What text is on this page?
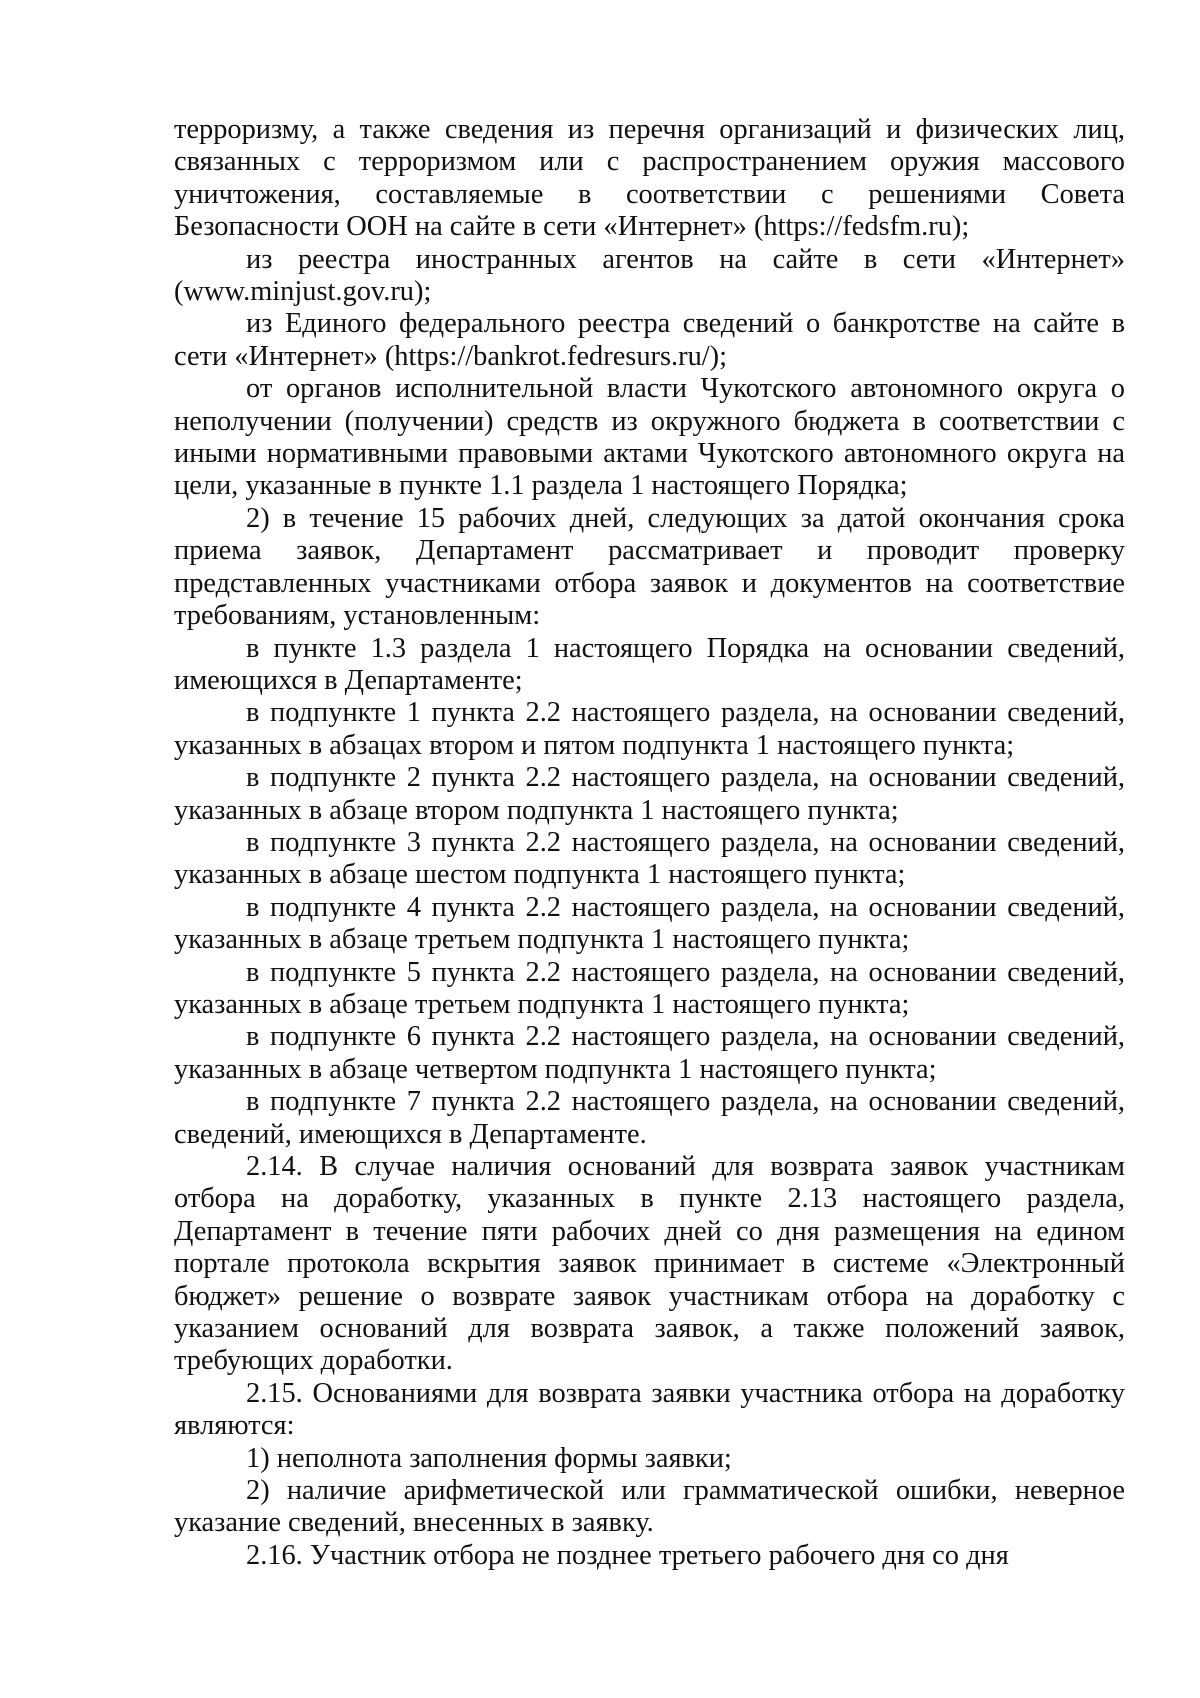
терроризму, а также сведения из перечня организаций и физических лиц, связанных с терроризмом или с распространением оружия массового уничтожения, составляемые в соответствии с решениями Совета Безопасности ООН на сайте в сети «Интернет» (https://fedsfm.ru);

из реестра иностранных агентов на сайте в сети «Интернет» (www.minjust.gov.ru);

из Единого федерального реестра сведений о банкротстве на сайте в сети «Интернет» (https://bankrot.fedresurs.ru/);

от органов исполнительной власти Чукотского автономного округа о неполучении (получении) средств из окружного бюджета в соответствии с иными нормативными правовыми актами Чукотского автономного округа на цели, указанные в пункте 1.1 раздела 1 настоящего Порядка;

2) в течение 15 рабочих дней, следующих за датой окончания срока приема заявок, Департамент рассматривает и проводит проверку представленных участниками отбора заявок и документов на соответствие требованиям, установленным:

в пункте 1.3 раздела 1 настоящего Порядка на основании сведений, имеющихся в Департаменте;

в подпункте 1 пункта 2.2 настоящего раздела, на основании сведений, указанных в абзацах втором и пятом подпункта 1 настоящего пункта;

в подпункте 2 пункта 2.2 настоящего раздела, на основании сведений, указанных в абзаце втором подпункта 1 настоящего пункта;

в подпункте 3 пункта 2.2 настоящего раздела, на основании сведений, указанных в абзаце шестом подпункта 1 настоящего пункта;

в подпункте 4 пункта 2.2 настоящего раздела, на основании сведений, указанных в абзаце третьем подпункта 1 настоящего пункта;

в подпункте 5 пункта 2.2 настоящего раздела, на основании сведений, указанных в абзаце третьем подпункта 1 настоящего пункта;

в подпункте 6 пункта 2.2 настоящего раздела, на основании сведений, указанных в абзаце четвертом подпункта 1 настоящего пункта;

в подпункте 7 пункта 2.2 настоящего раздела, на основании сведений, сведений, имеющихся в Департаменте.

2.14. В случае наличия оснований для возврата заявок участникам отбора на доработку, указанных в пункте 2.13 настоящего раздела, Департамент в течение пяти рабочих дней со дня размещения на едином портале протокола вскрытия заявок принимает в системе «Электронный бюджет» решение о возврате заявок участникам отбора на доработку с указанием оснований для возврата заявок, а также положений заявок, требующих доработки.

2.15. Основаниями для возврата заявки участника отбора на доработку являются:

1) неполнота заполнения формы заявки;

2) наличие арифметической или грамматической ошибки, неверное указание сведений, внесенных в заявку.

2.16. Участник отбора не позднее третьего рабочего дня со дня
